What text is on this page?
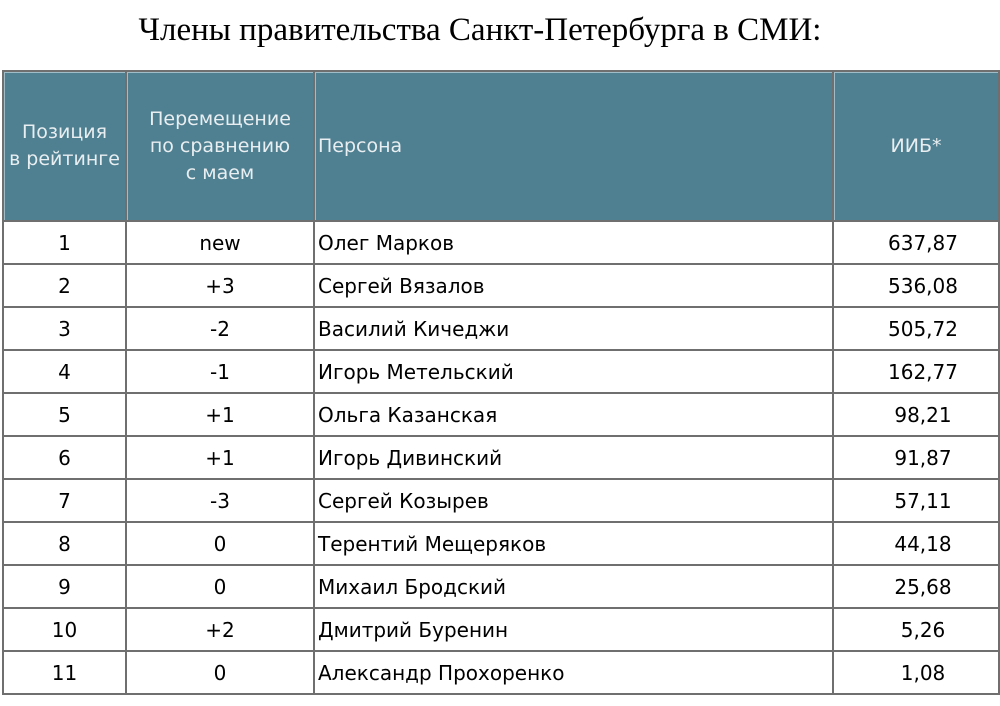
Члены правительства Санкт-Петербурга в СМИ:
Позиция
в рейтинге	Перемещение
по сравнению
с маем	Персона	ИИБ*
1	new	Олег Марков	637,87
2	+3	Сергей Вязалов	536,08
3	-2	Василий Кичеджи	505,72
4	-1	Игорь Метельский	162,77
5	+1	Ольга Казанская	98,21
6	+1	Игорь Дивинский	91,87
7	-3	Сергей Козырев	57,11
8	0	Терентий Мещеряков	44,18
9	0	Михаил Бродский	25,68
10	+2	Дмитрий Буренин	5,26
11	0	Александр Прохоренко	1,08
